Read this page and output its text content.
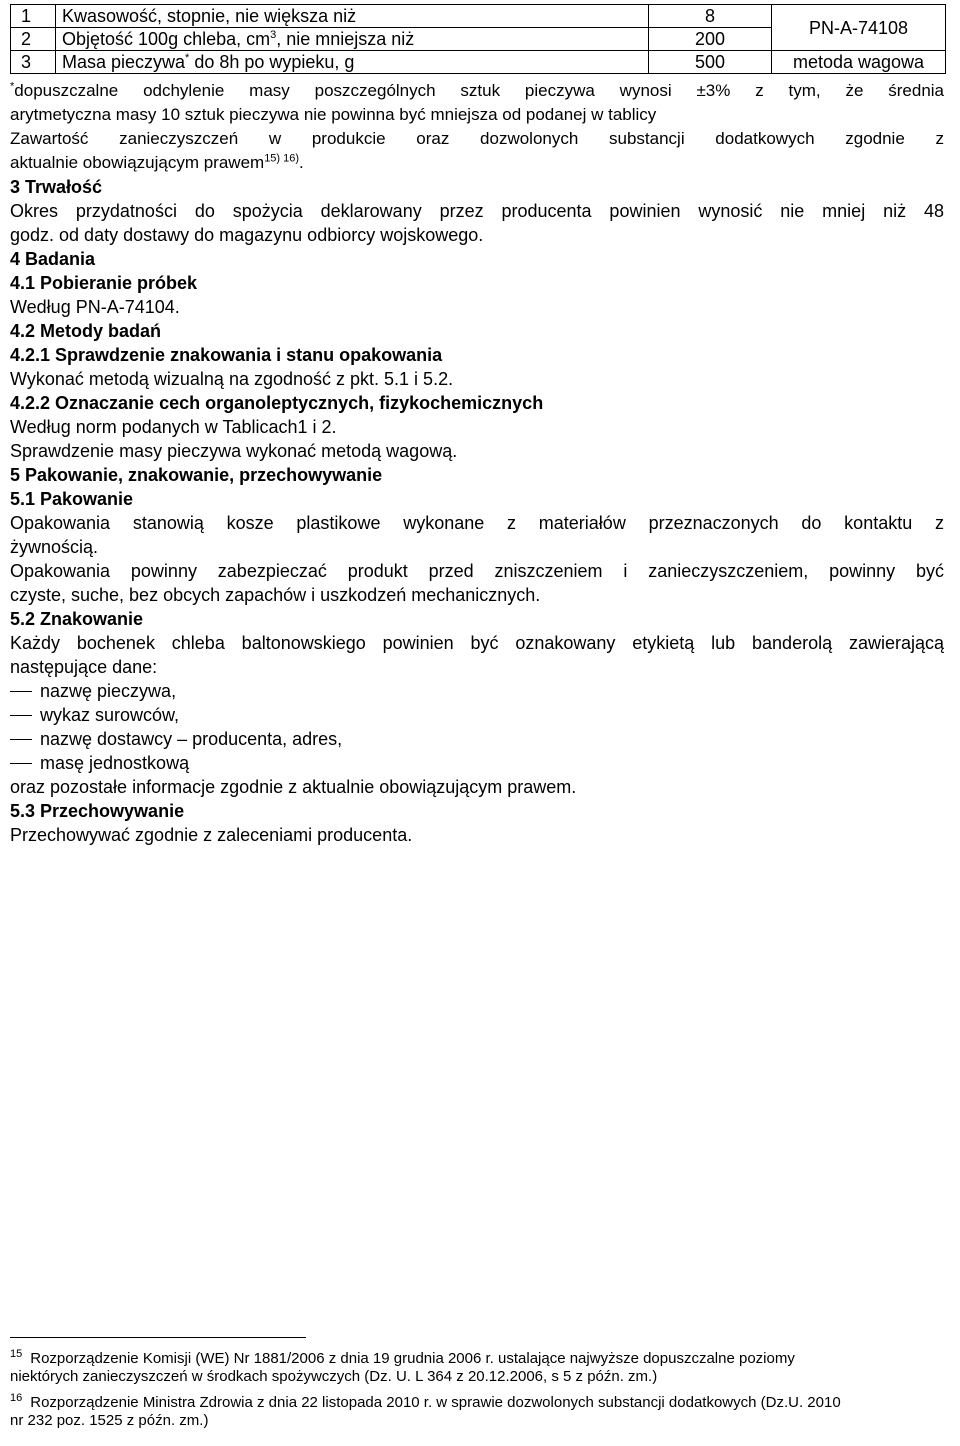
1	Kwasowość, stopnie, nie większa niż	8	PN-A-74108
2	Objętość 100g chleba, $cm^3$, nie mniejsza niż	200	
3	Masa pieczywa* do 8h po wypieku, g	500	metoda wagowa

*dopuszczalne odchylenie masy poszczególnych sztuk pieczywa wynosi ±3% z tym, że średnia

arytmetyczna masy 10 sztuk pieczywa nie powinna być mniejsza od podanej w tablicy

Zawartość zanieczyszczeń w produkcie oraz dozwolonych substancji dodatkowych zgodnie z

aktualnie obowiązującym prawem$^{15) 16)}$.

3 Trwałość

Okres przydatności do spożycia deklarowany przez producenta powinien wynosić nie mniej niż 48

godz. od daty dostawy do magazynu odbiorcy wojskowego.

4 Badania

4.1 Pobieranie próbek

Według PN-A-74104.

4.2 Metody badań

4.2.1 Sprawdzenie znakowania i stanu opakowania

Wykonać metodą wizualną na zgodność z pkt. 5.1 i 5.2.

4.2.2 Oznaczanie cech organoleptycznych, fizykochemicznych

Według norm podanych w Tablicach1 i 2.

Sprawdzenie masy pieczywa wykonać metodą wagową.

5 Pakowanie, znakowanie, przechowywanie

5.1 Pakowanie

Opakowania stanowią kosze plastikowe wykonane z materiałów przeznaczonych do kontaktu z

żywnością.

Opakowania powinny zabezpieczać produkt przed zniszczeniem i zanieczyszczeniem, powinny być

czyste, suche, bez obcych zapachów i uszkodzeń mechanicznych.

5.2 Znakowanie

Każdy bochenek chleba baltonowskiego powinien być oznakowany etykietą lub banderolą zawierającą

następujące dane:

nazwę pieczywa,

wykaz surowców,

nazwę dostawcy – producenta, adres,

masę jednostkową

oraz pozostałe informacje zgodnie z aktualnie obowiązującym prawem.

5.3 Przechowywanie

Przechowywać zgodnie z zaleceniami producenta.

$^{15}$ Rozporządzenie Komisji (WE) Nr 1881/2006 z dnia 19 grudnia 2006 r. ustalające najwyższe dopuszczalne poziomy

niektórych zanieczyszczeń w środkach spożywczych (Dz. U. L 364 z 20.12.2006, s 5 z późn. zm.)

$^{16}$ Rozporządzenie Ministra Zdrowia z dnia 22 listopada 2010 r. w sprawie dozwolonych substancji dodatkowych (Dz.U. 2010

nr 232 poz. 1525 z późn. zm.)
